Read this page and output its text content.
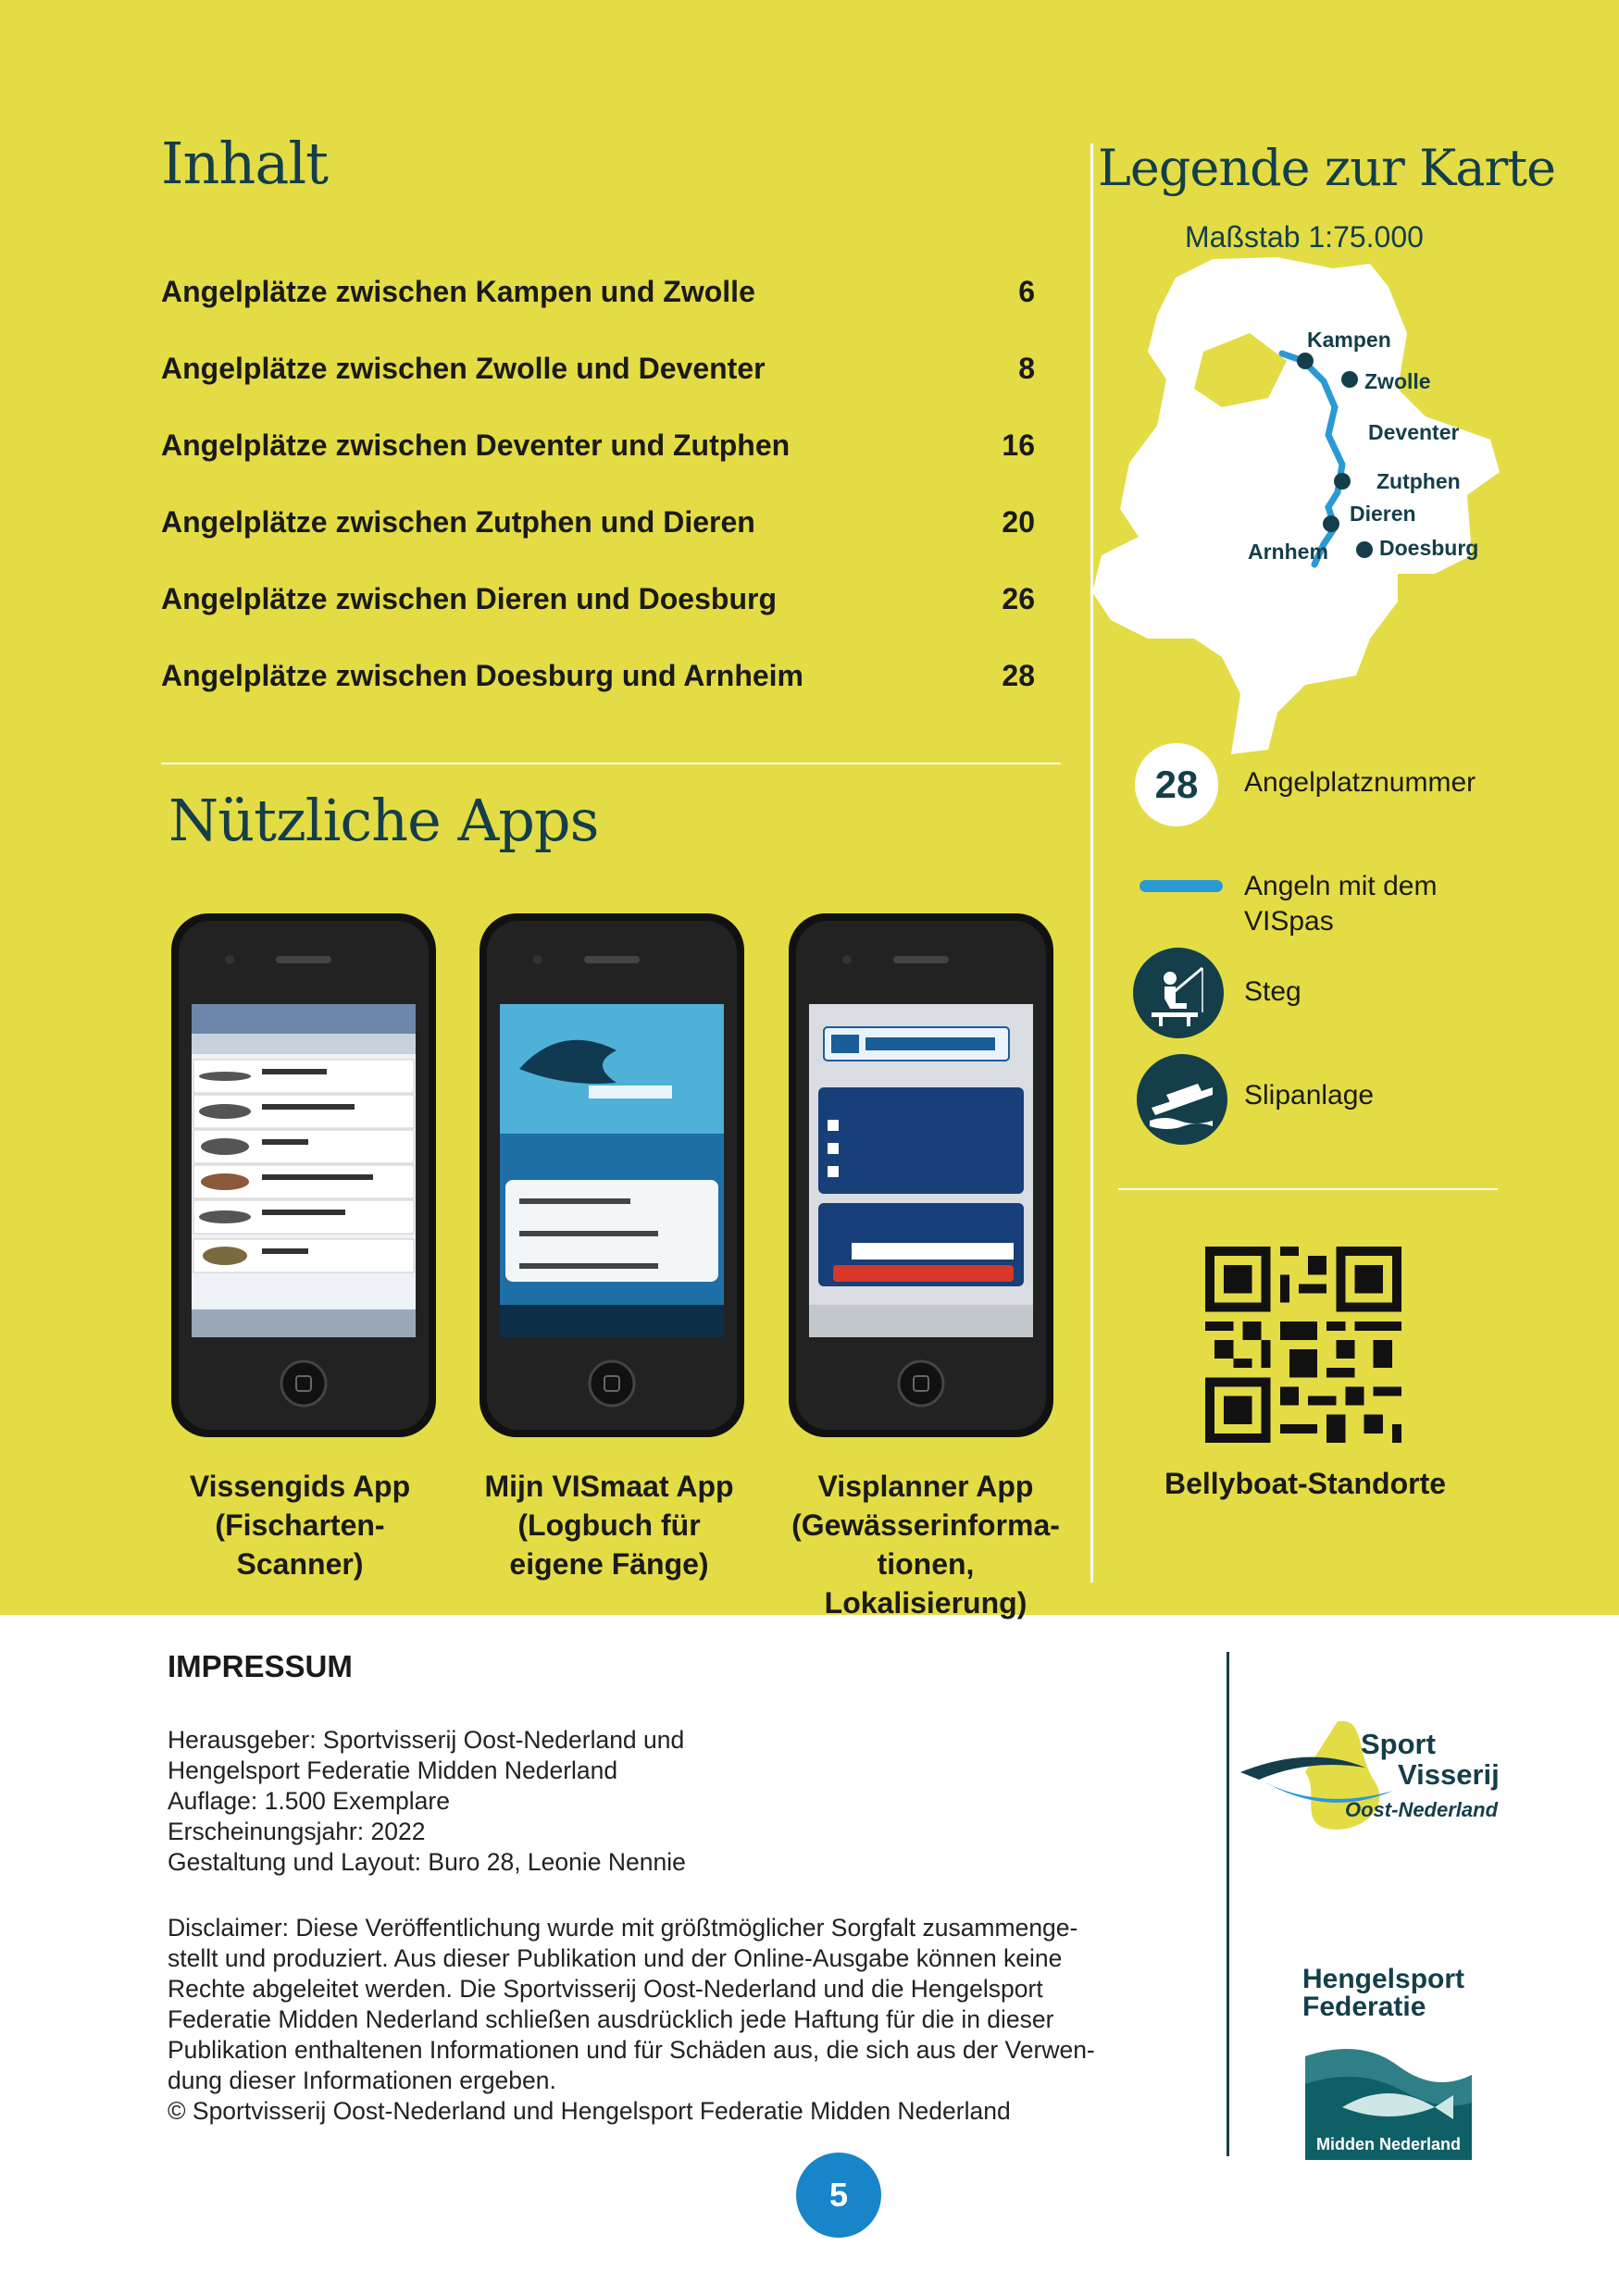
Inhalt
Angelplätze zwischen Kampen und Zwolle	6
Angelplätze zwischen Zwolle und Deventer	8
Angelplätze zwischen Deventer und Zutphen	16
Angelplätze zwischen Zutphen und Dieren	20
Angelplätze zwischen Dieren und Doesburg	26
Angelplätze zwischen Doesburg und Arnheim	28
Nützliche Apps
Vissengids App
(Fischarten-
Scanner)
Mijn VISmaat App
(Logbuch für
eigene Fänge)
Visplanner App
(Gewässerinforma-
tionen, Lokalisierung)
Legende zur Karte
Maßstab 1:75.000
Kampen
Zwolle
Deventer
Zutphen
Dieren
Arnhem Doesburg
28	Angelplatznummer
Angeln mit dem
VISpas
Steg
Slipanlage
Bellyboat-Standorte
IMPRESSUM
Herausgeber: Sportvisserij Oost-Nederland und
Hengelsport Federatie Midden Nederland
Auflage: 1.500 Exemplare
Erscheinungsjahr: 2022
Gestaltung und Layout: Buro 28, Leonie Nennie
Disclaimer: Diese Veröffentlichung wurde mit größtmöglicher Sorgfalt zusammenge-
stellt und produziert. Aus dieser Publikation und der Online-Ausgabe können keine
Rechte abgeleitet werden. Die Sportvisserij Oost-Nederland und die Hengelsport
Federatie Midden Nederland schließen ausdrücklich jede Haftung für die in dieser
Publikation enthaltenen Informationen und für Schäden aus, die sich aus der Verwen-
dung dieser Informationen ergeben.
© Sportvisserij Oost-Nederland und Hengelsport Federatie Midden Nederland
Sport
Visserij
Oost-Nederland
Hengelsport
Federatie
Midden Nederland
5
